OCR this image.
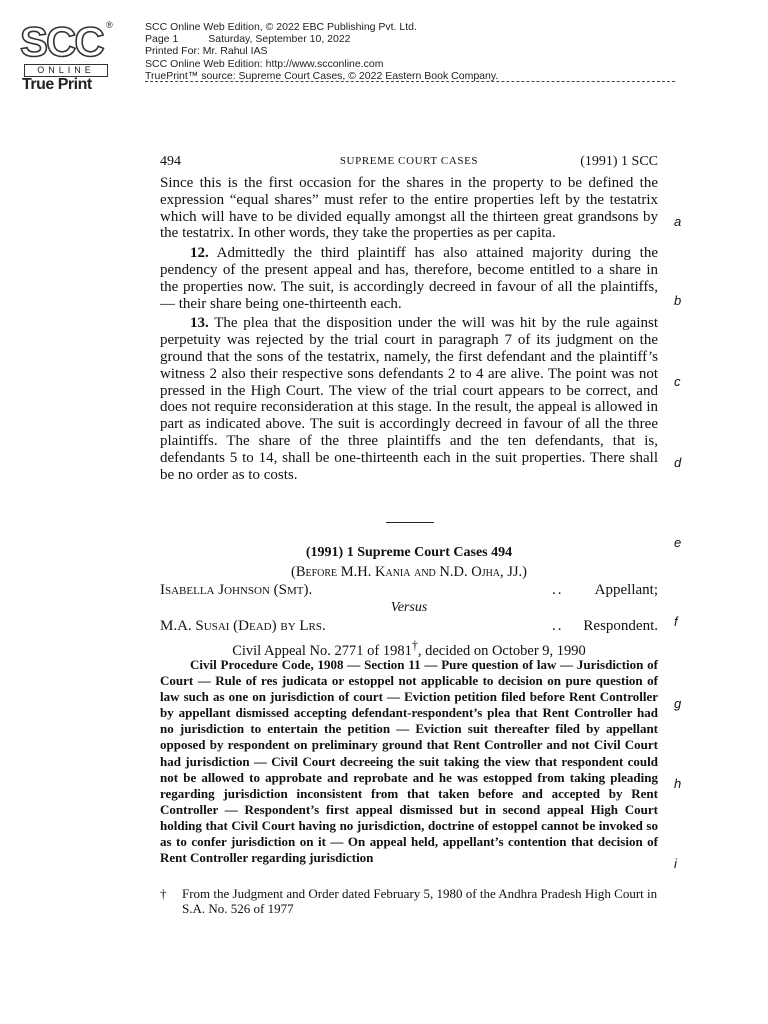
SCC ®
ONLINE
True Print
SCC Online Web Edition, © 2022 EBC Publishing Pvt. Ltd.
Page 1	Saturday, September 10, 2022
Printed For: Mr. Rahul IAS
SCC Online Web Edition: http://www.scconline.com
TruePrint™ source: Supreme Court Cases, © 2022 Eastern Book Company.
494	SUPREME COURT CASES	(1991) 1 SCC

Since this is the first occasion for the shares in the property to be defined the expression “equal shares” must refer to the entire properties left by the testatrix which will have to be divided equally amongst all the thirteen great grandsons by the testatrix. In other words, they take the properties as per capita.

12. Admittedly the third plaintiff has also attained majority during the pendency of the present appeal and has, therefore, become entitled to a share in the properties now. The suit, is accordingly decreed in favour of all the plaintiffs, — their share being one-thirteenth each.

13. The plea that the disposition under the will was hit by the rule against perpetuity was rejected by the trial court in paragraph 7 of its judgment on the ground that the sons of the testatrix, namely, the first defendant and the plaintiff’s witness 2 also their respective sons defendants 2 to 4 are alive. The point was not pressed in the High Court. The view of the trial court appears to be correct, and does not require reconsideration at this stage. In the result, the appeal is allowed in part as indicated above. The suit is accordingly decreed in favour of all the three plaintiffs. The share of the three plaintiffs and the ten defendants, that is, defendants 5 to 14, shall be one-thirteenth each in the suit properties. There shall be no order as to costs.

(1991) 1 Supreme Court Cases 494
(Before M.H. Kania and N.D. Ojha, JJ.)
Isabella Johnson (Smt).	.. Appellant;
Versus
M.A. Susai (Dead) by Lrs.	.. Respondent.
Civil Appeal No. 2771 of 1981†, decided on October 9, 1990

Civil Procedure Code, 1908 — Section 11 — Pure question of law — Jurisdiction of Court — Rule of res judicata or estoppel not applicable to decision on pure question of law such as one on jurisdiction of court — Eviction petition filed before Rent Controller by appellant dismissed accepting defendant-respondent’s plea that Rent Controller had no jurisdiction to entertain the petition — Eviction suit thereafter filed by appellant opposed by respondent on preliminary ground that Rent Controller and not Civil Court had jurisdiction — Civil Court decreeing the suit taking the view that respondent could not be allowed to approbate and reprobate and he was estopped from taking pleading regarding jurisdiction inconsistent from that taken before and accepted by Rent Controller — Respondent’s first appeal dismissed but in second appeal High Court holding that Civil Court having no jurisdiction, doctrine of estoppel cannot be invoked so as to confer jurisdiction on it — On appeal held, appellant’s contention that decision of Rent Controller regarding jurisdiction

† From the Judgment and Order dated February 5, 1980 of the Andhra Pradesh High Court in S.A. No. 526 of 1977
a
b
c
d
e
f
g
h
i
